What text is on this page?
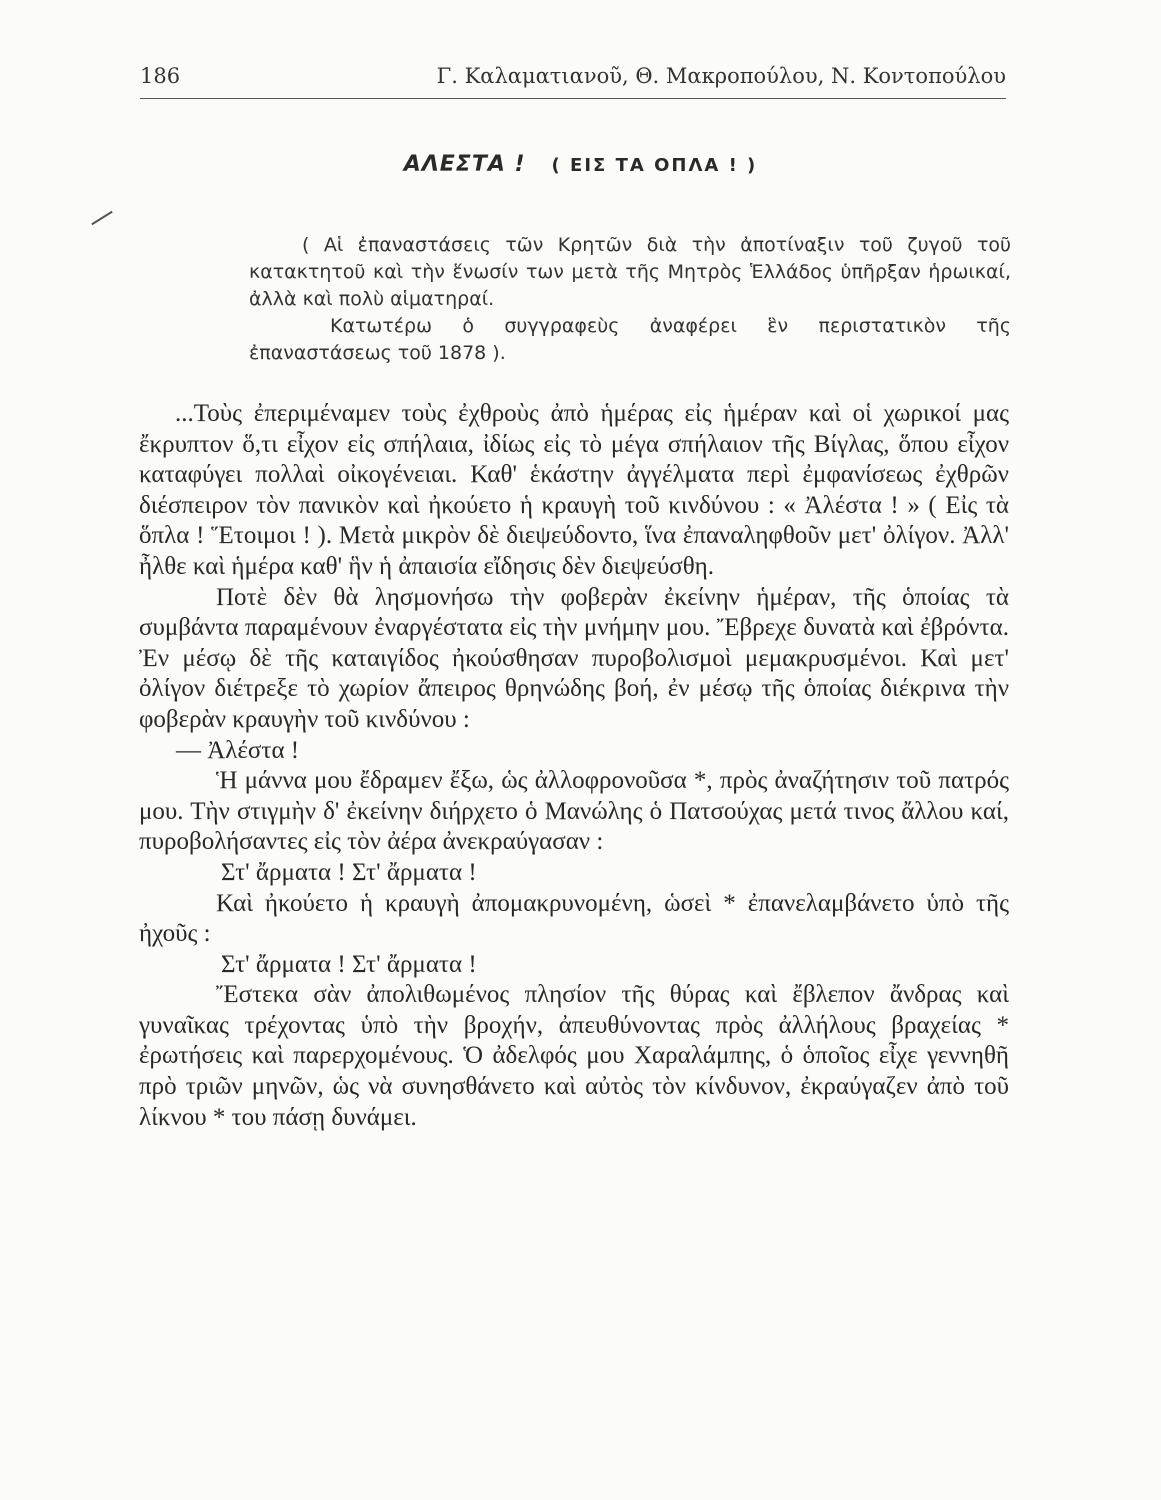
186	Γ. Καλαματιανοῦ, Θ. Μακροπούλου, Ν. Κοντοπούλου
ΑΛΕΣΤΑ ! ( ΕΙΣ ΤΑ ΟΠΛΑ ! )

( Αἱ ἐπαναστάσεις τῶν Κρητῶν διὰ τὴν ἀποτίναξιν τοῦ ζυγοῦ τοῦ κατακτητοῦ καὶ τὴν ἕνωσίν των μετὰ τῆς Μητρὸς Ἑλλάδος ὑπῆρξαν ἡρωικαί, ἀλλὰ καὶ πολὺ αἱματηραί.

Κατωτέρω ὁ συγγραφεὺς ἀναφέρει ἓν περιστατικὸν τῆς ἐπαναστάσεως τοῦ 1878 ).

...Τοὺς ἐπεριμέναμεν τοὺς ἐχθροὺς ἀπὸ ἡμέρας εἰς ἡμέραν καὶ οἱ χωρικοί μας ἔκρυπτον ὅ,τι εἶχον εἰς σπήλαια, ἰδίως εἰς τὸ μέγα σπήλαιον τῆς Βίγλας, ὅπου εἶχον καταφύγει πολλαὶ οἰκογένειαι. Καθ' ἑκάστην ἀγγέλματα περὶ ἐμφανίσεως ἐχθρῶν διέσπειρον τὸν πανικὸν καὶ ἠκούετο ἡ κραυγὴ τοῦ κινδύνου : « Ἀλέστα ! » ( Εἰς τὰ ὅπλα ! Ἕτοιμοι ! ). Μετὰ μικρὸν δὲ διεψεύδοντο, ἵνα ἐπαναληφθοῦν μετ' ὀλίγον. Ἀλλ' ἦλθε καὶ ἡμέρα καθ' ἣν ἡ ἀπαισία εἴδησις δὲν διεψεύσθη.

Ποτὲ δὲν θὰ λησμονήσω τὴν φοβερὰν ἐκείνην ἡμέραν, τῆς ὁποίας τὰ συμβάντα παραμένουν ἐναργέστατα εἰς τὴν μνήμην μου. Ἔβρεχε δυνατὰ καὶ ἐβρόντα. Ἐν μέσῳ δὲ τῆς καταιγίδος ἠκούσθησαν πυροβολισμοὶ μεμακρυσμένοι. Καὶ μετ' ὀλίγον διέτρεξε τὸ χωρίον ἄπειρος θρηνώδης βοή, ἐν μέσῳ τῆς ὁποίας διέκρινα τὴν φοβερὰν κραυγὴν τοῦ κινδύνου :

— Ἀλέστα !

Ἡ μάννα μου ἔδραμεν ἔξω, ὡς ἀλλοφρονοῦσα *, πρὸς ἀναζήτησιν τοῦ πατρός μου. Τὴν στιγμὴν δ' ἐκείνην διήρχετο ὁ Μανώλης ὁ Πατσούχας μετά τινος ἄλλου καί, πυροβολήσαντες εἰς τὸν ἀέρα ἀνεκραύγασαν :

Στ' ἄρματα ! Στ' ἄρματα !

Καὶ ἠκούετο ἡ κραυγὴ ἀπομακρυνομένη, ὡσεὶ * ἐπανελαμβάνετο ὑπὸ τῆς ἠχοῦς :

Στ' ἄρματα ! Στ' ἄρματα !

Ἔστεκα σὰν ἀπολιθωμένος πλησίον τῆς θύρας καὶ ἔβλεπον ἄνδρας καὶ γυναῖκας τρέχοντας ὑπὸ τὴν βροχήν, ἀπευθύνοντας πρὸς ἀλλήλους βραχείας * ἐρωτήσεις καὶ παρερχομένους. Ὁ ἀδελφός μου Χαραλάμπης, ὁ ὁποῖος εἶχε γεννηθῆ πρὸ τριῶν μηνῶν, ὡς νὰ συνησθάνετο καὶ αὐτὸς τὸν κίνδυνον, ἐκραύγαζεν ἀπὸ τοῦ λίκνου * του πάσῃ δυνάμει.
